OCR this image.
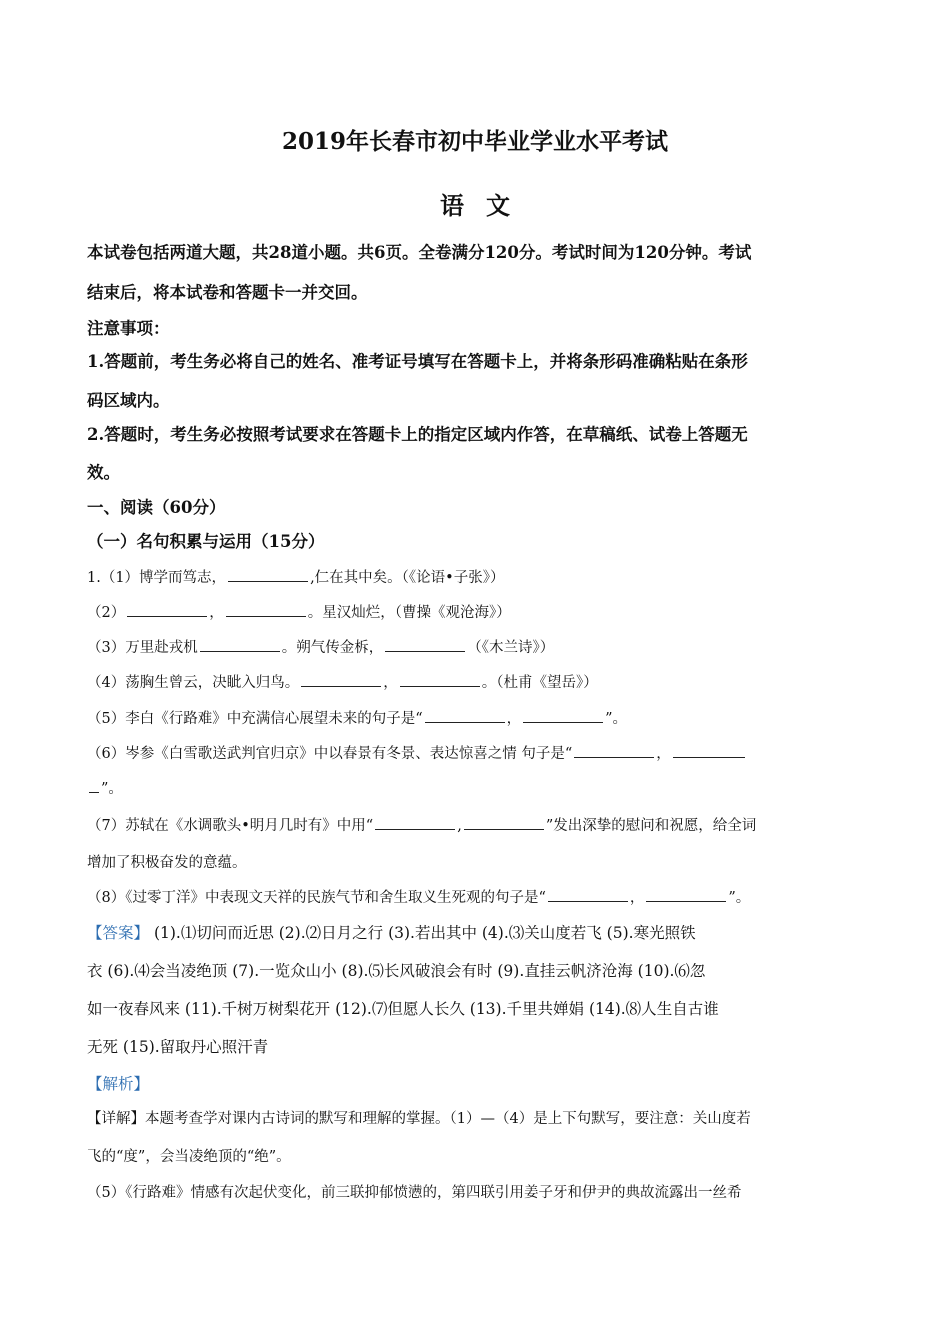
2019年长春市初中毕业学业水平考试
语文
本试卷包括两道大题，共28道小题。共6页。全卷满分120分。考试时间为120分钟。考试
结束后，将本试卷和答题卡一并交回。
注意事项：
1.答题前，考生务必将自己的姓名、准考证号填写在答题卡上，并将条形码准确粘贴在条形
码区域内。
2.答题时，考生务必按照考试要求在答题卡上的指定区域内作答，在草稿纸、试卷上答题无
效。
一、阅读（60分）
（一）名句积累与运用（15分）
1.（1）博学而笃志，	,仁在其中矣。（《论语•子张》）
（2）	，	。星汉灿烂，（曹操《观沧海》）
（3）万里赴戎机	。朔气传金柝，	（《木兰诗》）
（4）荡胸生曾云，决眦入归鸟。	，	。（杜甫《望岳》）
（5）李白《行路难》中充满信心展望未来的句子是“	，	”。
（6）岑参《白雪歌送武判官归京》中以春景有冬景、表达惊喜之情 句子是“	，
”。
（7）苏轼在《水调歌头•明月几时有》中用“	,	”发出深挚的慰问和祝愿，给全词
增加了积极奋发的意蕴。
（8）《过零丁洋》中表现文天祥的民族气节和舍生取义生死观的句子是“	，	”。
【答案】 (1).⑴切问而近思 (2).⑵日月之行 (3).若出其中 (4).⑶关山度若飞 (5).寒光照铁
衣 (6).⑷会当凌绝顶 (7).一览众山小 (8).⑸长风破浪会有时 (9).直挂云帆济沧海 (10).⑹忽
如一夜春风来 (11).千树万树梨花开 (12).⑺但愿人长久 (13).千里共婵娟 (14).⑻人生自古谁
无死 (15).留取丹心照汗青
【解析】
【详解】本题考查学对课内古诗词的默写和理解的掌握。（1）—（4）是上下句默写，要注意：关山度若
飞的“度”，会当凌绝顶的“绝”。
（5）《行路难》情感有次起伏变化，前三联抑郁愤懑的，第四联引用姜子牙和伊尹的典故流露出一丝希
